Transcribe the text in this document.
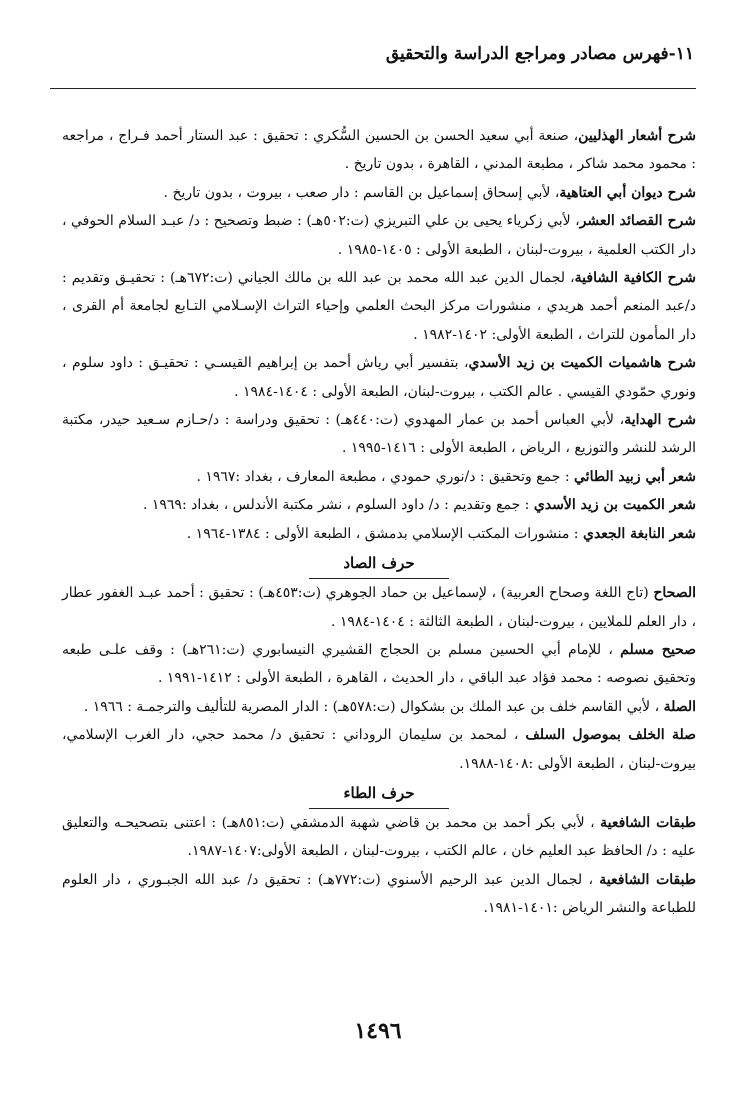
١١-فهرس مصادر ومراجع الدراسة والتحقيق

شرح أشعار الهذليين، صنعة أبي سعيد الحسن بن الحسين السُّكري : تحقيق : عبد الستار أحمد فـراج ، مراجعه : محمود محمد شاكر ، مطبعة المدني ، القاهرة ، بدون تاريخ .

شرح ديوان أبي العتاهية، لأبي إسحاق إسماعيل بن القاسم : دار صعب ، بيروت ، بدون تاريخ .

شرح القصائد العشر، لأبي زكرياء يحيى بن علي التبريزي (ت:٥٠٢هـ) : ضبط وتصحيح : د/ عبـد السلام الحوفي ، دار الكتب العلمية ، بيروت-لبنان ، الطبعة الأولى : ١٤٠٥-١٩٨٥ .

شرح الكافية الشافية، لجمال الدين عبد الله محمد بن عبد الله بن مالك الجياني (ت:٦٧٢هـ) : تحقيـق وتقديم : د/عبد المنعم أحمد هريدي ، منشورات مركز البحث العلمي وإحياء التراث الإسـلامي التـابع لجامعة أم القرى ، دار المأمون للتراث ، الطبعة الأولى: ١٤٠٢-١٩٨٢ .

شرح هاشميات الكميت بن زيد الأسدي، بتفسير أبي رياش أحمد بن إبراهيم القيسـي : تحقيـق : داود سلوم ، ونوري حمّودي القيسي . عالم الكتب ، بيروت-لبنان، الطبعة الأولى : ١٤٠٤-١٩٨٤ .

شرح الهداية، لأبي العباس أحمد بن عمار المهدوي (ت:٤٤٠هـ) : تحقيق ودراسة : د/حـازم سـعيد حيدر، مكتبة الرشد للنشر والتوزيع ، الرياض ، الطبعة الأولى : ١٤١٦-١٩٩٥ .

شعر أبي زبيد الطائي : جمع وتحقيق : د/نوري حمودي ، مطبعة المعارف ، بغداد :١٩٦٧ .

شعر الكميت بن زيد الأسدي : جمع وتقديم : د/ داود السلوم ، نشر مكتبة الأندلس ، بغداد :١٩٦٩ .

شعر النابغة الجعدي : منشورات المكتب الإسلامي بدمشق ، الطبعة الأولى : ١٣٨٤-١٩٦٤ .

حرف الصاد

الصحاح (تاج اللغة وصحاح العربية) ، لإسماعيل بن حماد الجوهري (ت:٤٥٣هـ) : تحقيق : أحمد عبـد الغفور عطار ، دار العلم للملايين ، بيروت-لبنان ، الطبعة الثالثة : ١٤٠٤-١٩٨٤ .

صحيح مسلم ، للإمام أبي الحسين مسلم بن الحجاج القشيري النيسابوري (ت:٢٦١هـ) : وقف علـى طبعه وتحقيق نصوصه : محمد فؤاد عبد الباقي ، دار الحديث ، القاهرة ، الطبعة الأولى : ١٤١٢-١٩٩١ .

الصلة ، لأبي القاسم خلف بن عبد الملك بن بشكوال (ت:٥٧٨هـ) : الدار المصرية للتأليف والترجمـة : ١٩٦٦ .

صلة الخلف بموصول السلف ، لمحمد بن سليمان الروداني : تحقيق د/ محمد حجي، دار الغرب الإسلامي، بيروت-لبنان ، الطبعة الأولى :١٤٠٨-١٩٨٨.

حرف الطاء

طبقات الشافعية ، لأبي بكر أحمد بن محمد بن قاضي شهبة الدمشقي (ت:٨٥١هـ) : اعتنى بتصحيحـه والتعليق عليه : د/ الحافظ عبد العليم خان ، عالم الكتب ، بيروت-لبنان ، الطبعة الأولى:١٤٠٧-١٩٨٧.

طبقات الشافعية ، لجمال الدين عبد الرحيم الأسنوي (ت:٧٧٢هـ) : تحقيق د/ عبد الله الجبـوري ، دار العلوم للطباعة والنشر الرياض :١٤٠١-١٩٨١.

١٤٩٦
